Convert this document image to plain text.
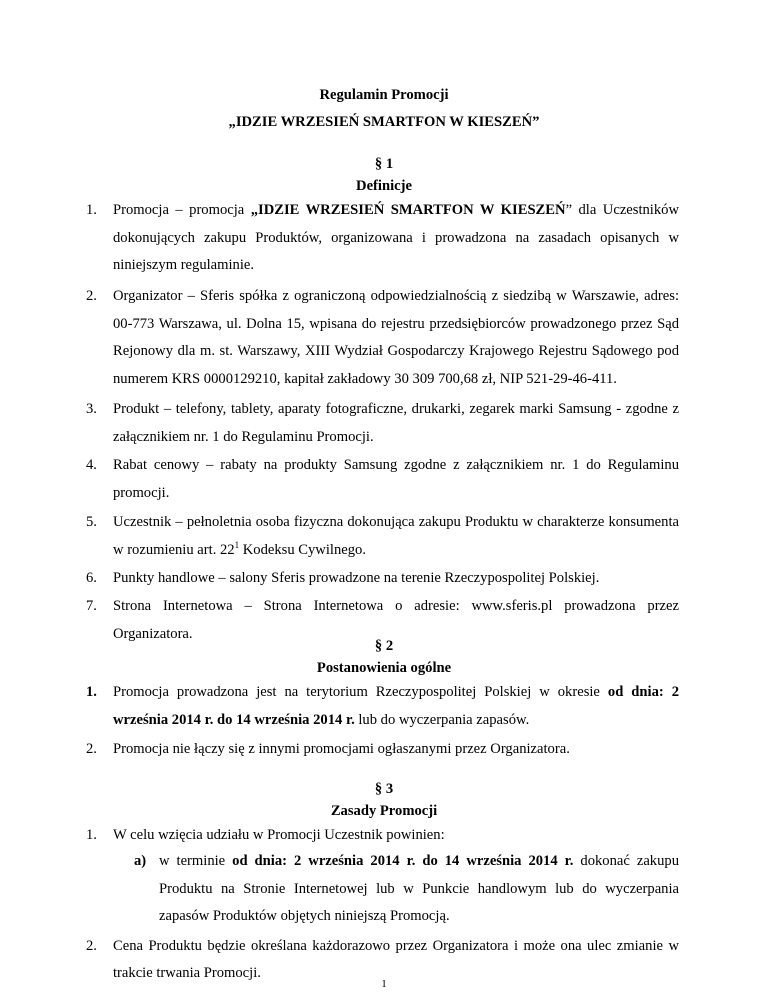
Regulamin Promocji
„IDZIE WRZESIEŃ SMARTFON W KIESZEŃ”
§ 1
Definicje
1. Promocja – promocja „IDZIE WRZESIEŃ SMARTFON W KIESZEŃ” dla Uczestników dokonujących zakupu Produktów, organizowana i prowadzona na zasadach opisanych w niniejszym regulaminie.
2. Organizator – Sferis spółka z ograniczoną odpowiedzialnością z siedzibą w Warszawie, adres: 00-773 Warszawa, ul. Dolna 15, wpisana do rejestru przedsiębiorców prowadzonego przez Sąd Rejonowy dla m. st. Warszawy, XIII Wydział Gospodarczy Krajowego Rejestru Sądowego pod numerem KRS 0000129210, kapitał zakładowy 30 309 700,68 zł, NIP 521-29-46-411.
3. Produkt – telefony, tablety, aparaty fotograficzne, drukarki, zegarek marki Samsung - zgodne z załącznikiem nr. 1 do Regulaminu Promocji.
4. Rabat cenowy – rabaty na produkty Samsung zgodne z załącznikiem nr. 1 do Regulaminu promocji.
5. Uczestnik – pełnoletnia osoba fizyczna dokonująca zakupu Produktu w charakterze konsumenta w rozumieniu art. $22^1$ Kodeksu Cywilnego.
6. Punkty handlowe – salony Sferis prowadzone na terenie Rzeczypospolitej Polskiej.
7. Strona Internetowa – Strona Internetowa o adresie: www.sferis.pl prowadzona przez Organizatora.
§ 2
Postanowienia ogólne
1. Promocja prowadzona jest na terytorium Rzeczypospolitej Polskiej w okresie od dnia: 2 września 2014 r. do 14 września 2014 r. lub do wyczerpania zapasów.
2. Promocja nie łączy się z innymi promocjami ogłaszanymi przez Organizatora.
§ 3
Zasady Promocji
1. W celu wzięcia udziału w Promocji Uczestnik powinien:
a) w terminie od dnia: 2 września 2014 r. do 14 września 2014 r. dokonać zakupu Produktu na Stronie Internetowej lub w Punkcie handlowym lub do wyczerpania zapasów Produktów objętych niniejszą Promocją.
2.
1
Cena Produktu będzie określana każdorazowo przez Organizatora i może ona ulec zmianie w trakcie trwania Promocji.
